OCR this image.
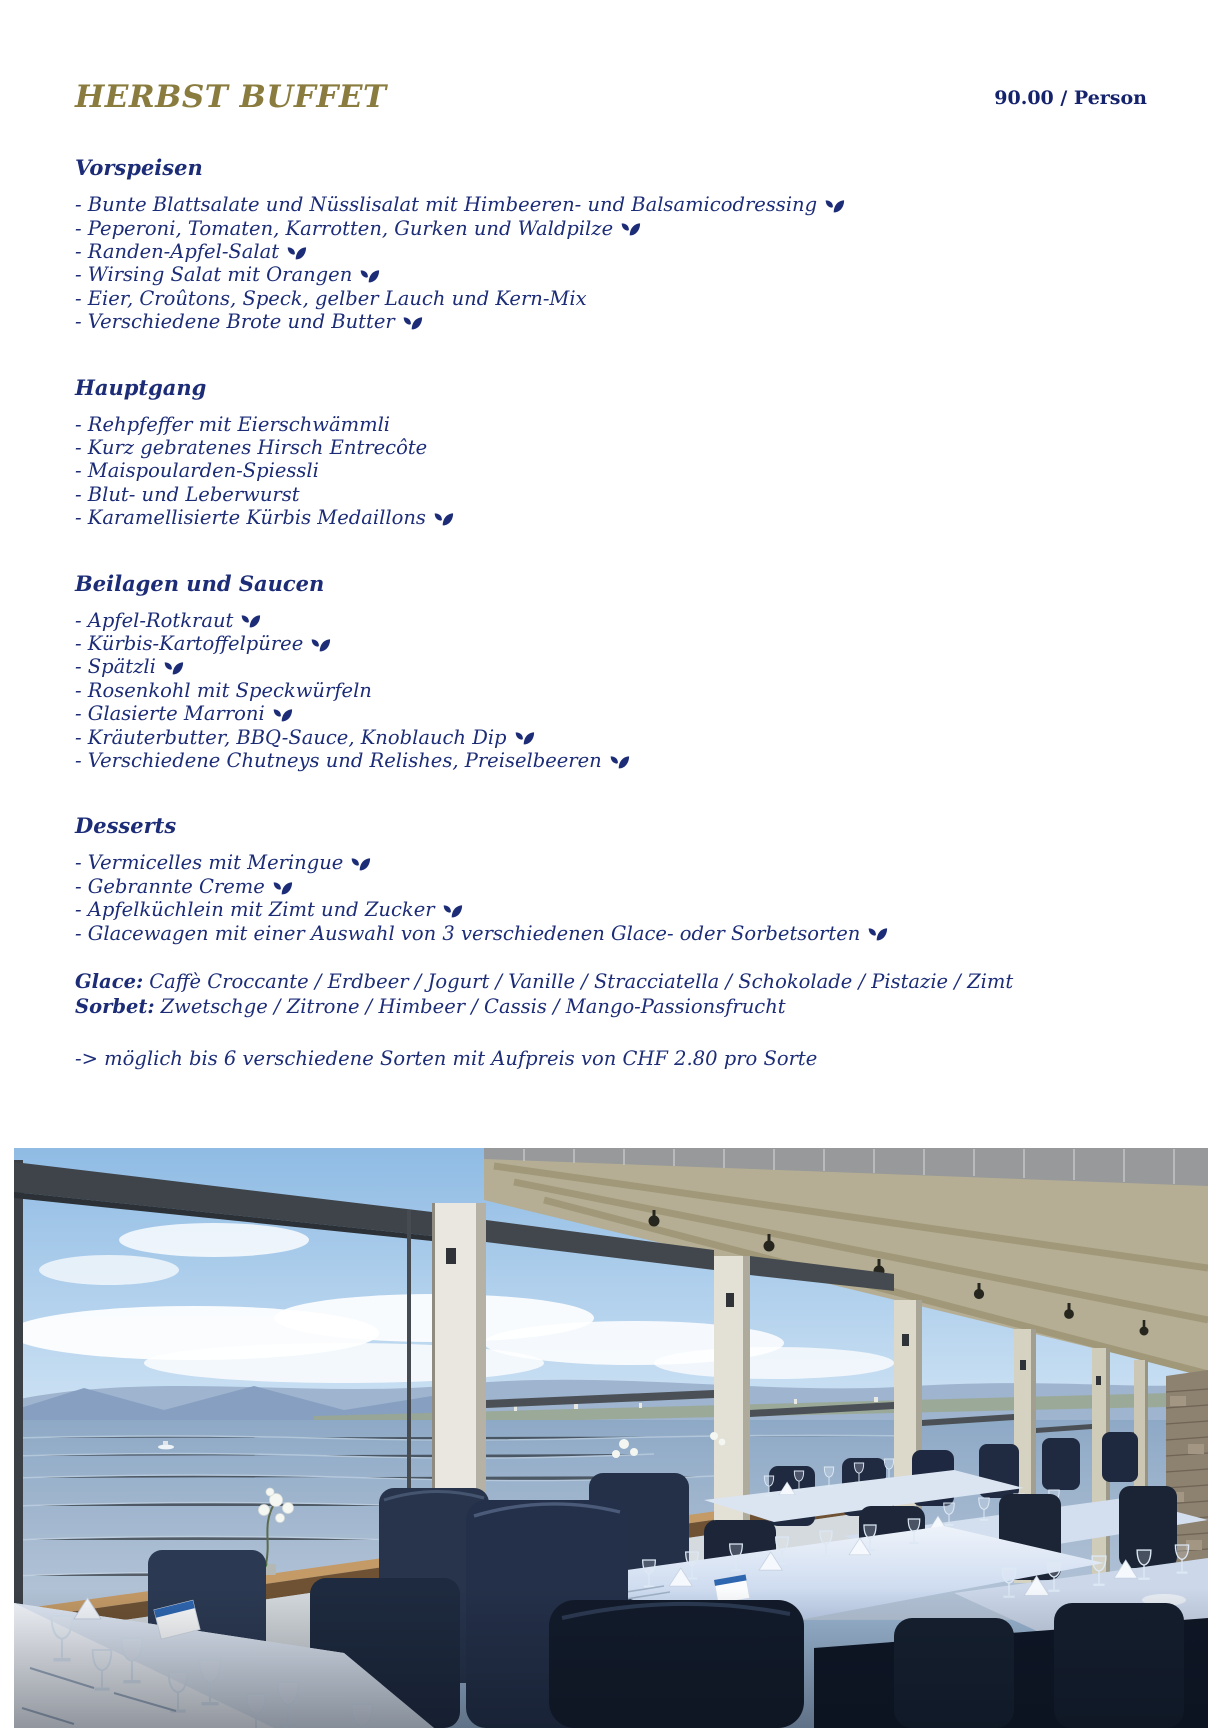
HERBST BUFFET	90.00 / Person
Vorspeisen
- Bunte Blattsalate und Nüsslisalat mit Himbeeren- und Balsamicodressing
- Peperoni, Tomaten, Karrotten, Gurken und Waldpilze
- Randen-Apfel-Salat
- Wirsing Salat mit Orangen
- Eier, Croûtons, Speck, gelber Lauch und Kern-Mix
- Verschiedene Brote und Butter
Hauptgang
- Rehpfeffer mit Eierschwämmli
- Kurz gebratenes Hirsch Entrecôte
- Maispoularden-Spiessli
- Blut- und Leberwurst
- Karamellisierte Kürbis Medaillons
Beilagen und Saucen
- Apfel-Rotkraut
- Kürbis-Kartoffelpüree
- Spätzli
- Rosenkohl mit Speckwürfeln
- Glasierte Marroni
- Kräuterbutter, BBQ-Sauce, Knoblauch Dip
- Verschiedene Chutneys und Relishes, Preiselbeeren
Desserts
- Vermicelles mit Meringue
- Gebrannte Creme
- Apfelküchlein mit Zimt und Zucker
- Glacewagen mit einer Auswahl von 3 verschiedenen Glace- oder Sorbetsorten
Glace: Caffè Croccante / Erdbeer / Jogurt / Vanille / Stracciatella / Schokolade / Pistazie / Zimt
Sorbet: Zwetschge / Zitrone / Himbeer / Cassis / Mango-Passionsfrucht
-> möglich bis 6 verschiedene Sorten mit Aufpreis von CHF 2.80 pro Sorte
